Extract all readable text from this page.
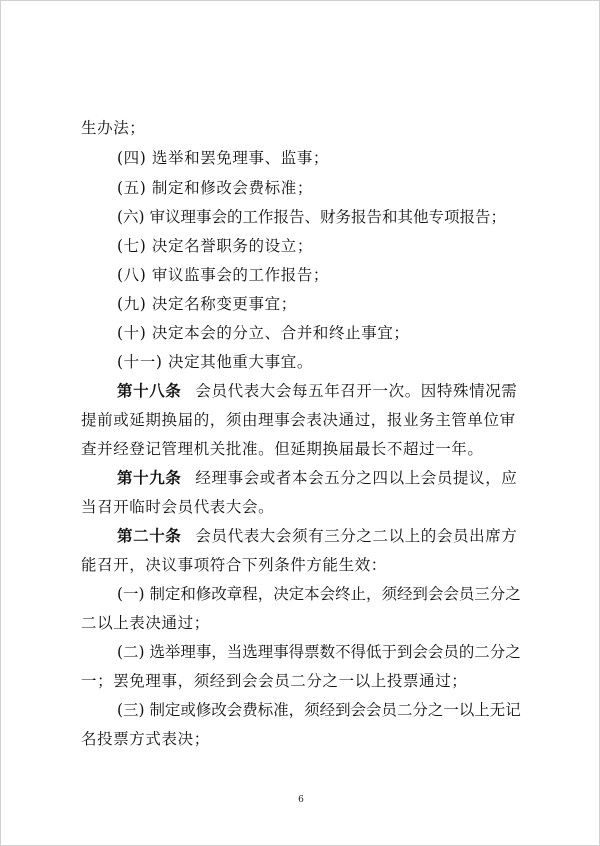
生办法；
(四) 选举和罢免理事、监事；
(五) 制定和修改会费标准；
(六) 审议理事会的工作报告、财务报告和其他专项报告；
(七) 决定名誉职务的设立；
(八) 审议监事会的工作报告；
(九) 决定名称变更事宜；
(十) 决定本会的分立、合并和终止事宜；
(十一) 决定其他重大事宜。
第十八条 会员代表大会每五年召开一次。因特殊情况需
提前或延期换届的，须由理事会表决通过，报业务主管单位审
查并经登记管理机关批准。但延期换届最长不超过一年。
第十九条 经理事会或者本会五分之四以上会员提议，应
当召开临时会员代表大会。
第二十条 会员代表大会须有三分之二以上的会员出席方
能召开，决议事项符合下列条件方能生效：
(一) 制定和修改章程，决定本会终止，须经到会会员三分之
二以上表决通过；
(二) 选举理事，当选理事得票数不得低于到会会员的二分之
一；罢免理事，须经到会会员二分之一以上投票通过；
(三) 制定或修改会费标准，须经到会会员二分之一以上无记
名投票方式表决；
6
